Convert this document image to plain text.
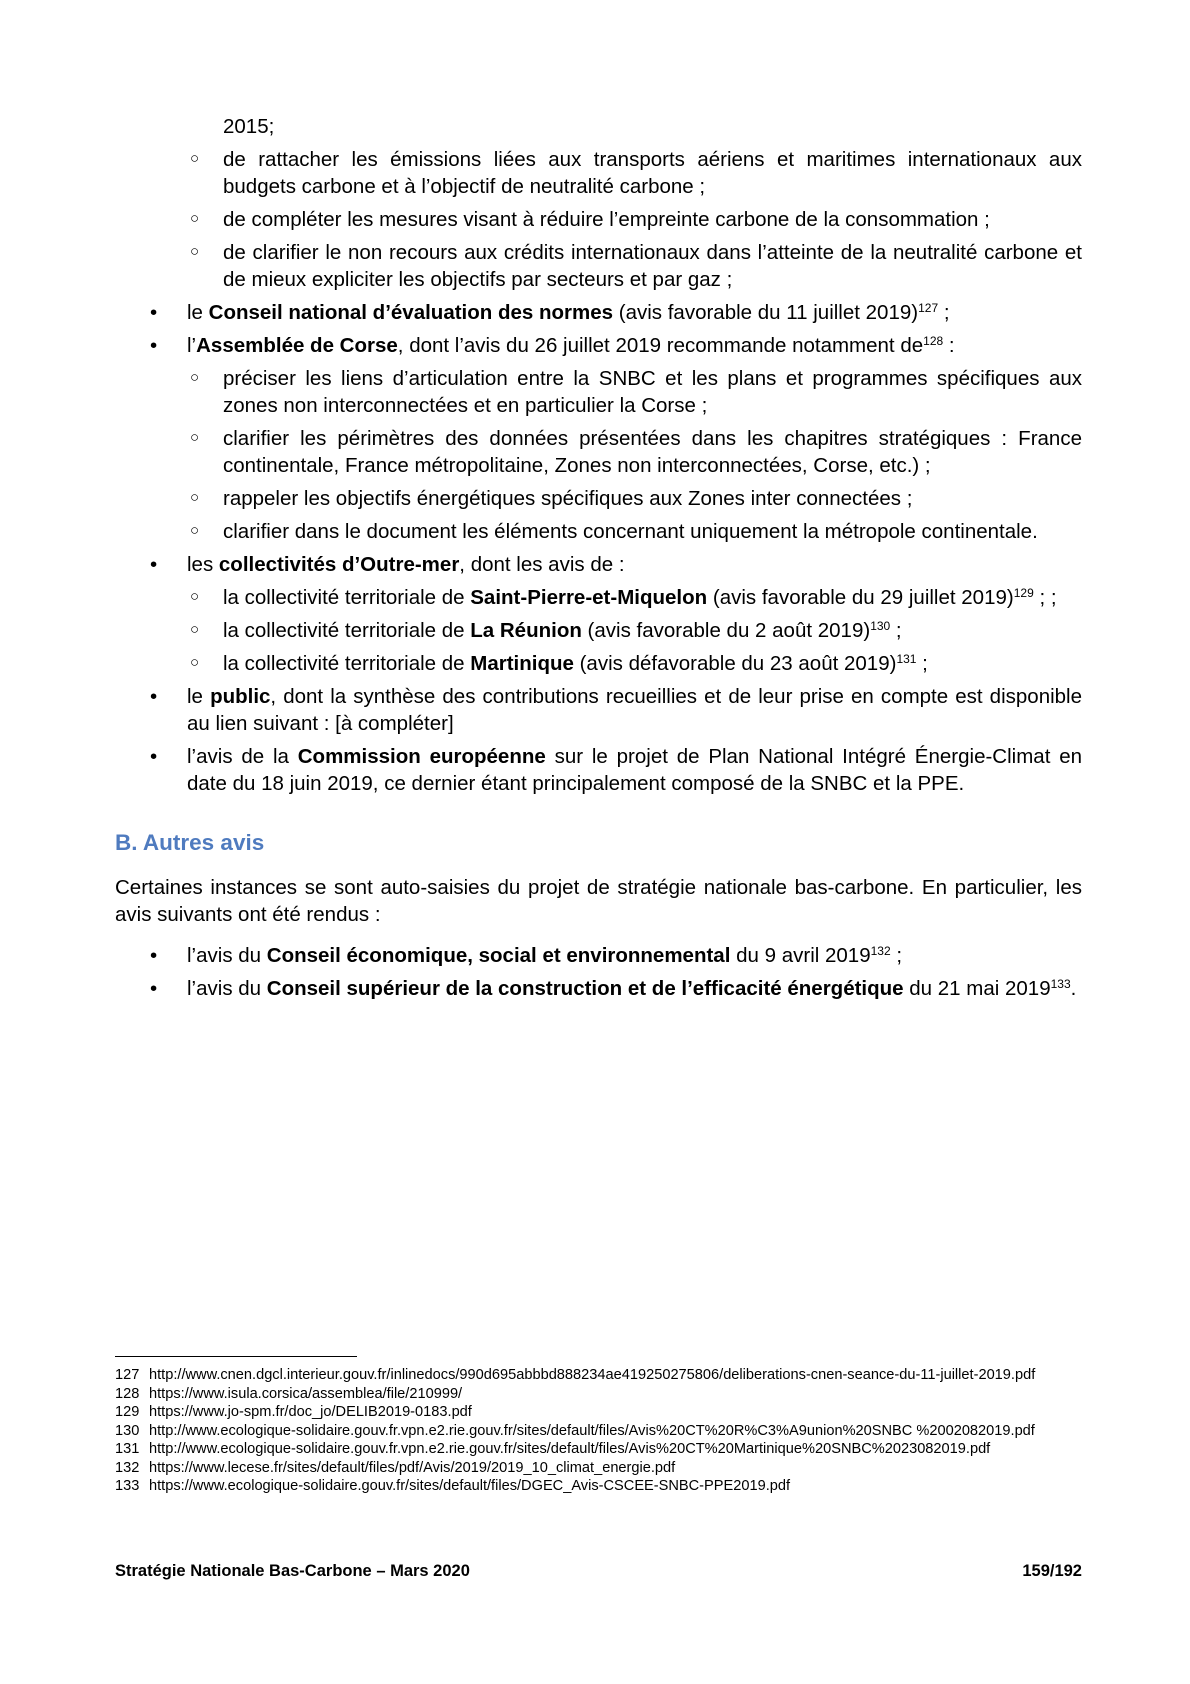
2015;
○ de rattacher les émissions liées aux transports aériens et maritimes internationaux aux budgets carbone et à l’objectif de neutralité carbone ;
○ de compléter les mesures visant à réduire l’empreinte carbone de la consommation ;
○ de clarifier le non recours aux crédits internationaux dans l’atteinte de la neutralité carbone et de mieux expliciter les objectifs par secteurs et par gaz ;
• le Conseil national d’évaluation des normes (avis favorable du 11 juillet 2019)$^{127}$ ;
• l’Assemblée de Corse, dont l’avis du 26 juillet 2019 recommande notamment $de^{128}$ :
○ préciser les liens d’articulation entre la SNBC et les plans et programmes spécifiques aux zones non interconnectées et en particulier la Corse ;
○ clarifier les périmètres des données présentées dans les chapitres stratégiques : France continentale, France métropolitaine, Zones non interconnectées, Corse, etc.) ;
○ rappeler les objectifs énergétiques spécifiques aux Zones inter connectées ;
○ clarifier dans le document les éléments concernant uniquement la métropole continentale.
• les collectivités d’Outre-mer, dont les avis de :
○ la collectivité territoriale de Saint-Pierre-et-Miquelon (avis favorable du 29 juillet 2019)$^{129}$ ; ;
○ la collectivité territoriale de La Réunion (avis favorable du 2 août 2019)$^{130}$ ;
○ la collectivité territoriale de Martinique (avis défavorable du 23 août 2019)$^{131}$ ;
• le public, dont la synthèse des contributions recueillies et de leur prise en compte est disponible au lien suivant : [à compléter]
• l’avis de la Commission européenne sur le projet de Plan National Intégré Énergie-Climat en date du 18 juin 2019, ce dernier étant principalement composé de la SNBC et la PPE.
B. Autres avis
Certaines instances se sont auto-saisies du projet de stratégie nationale bas-carbone. En particulier, les avis suivants ont été rendus :
• l’avis du Conseil économique, social et environnemental du 9 avril 2019$^{132}$ ;
• l’avis du Conseil supérieur de la construction et de l’efficacité énergétique du 21 mai 2019$^{133}$.
127 http://www.cnen.dgcl.interieur.gouv.fr/inlinedocs/990d695abbbd888234ae419250275806/deliberations-cnen-seance-du-11-juillet-2019.pdf
128 https://www.isula.corsica/assemblea/file/210999/
129 https://www.jo-spm.fr/doc_jo/DELIB2019-0183.pdf
130 http://www.ecologique-solidaire.gouv.fr.vpn.e2.rie.gouv.fr/sites/default/files/Avis%20CT%20R%C3%A9union%20SNBC %2002082019.pdf
131 http://www.ecologique-solidaire.gouv.fr.vpn.e2.rie.gouv.fr/sites/default/files/Avis%20CT%20Martinique%20SNBC%2023082019.pdf
132 https://www.lecese.fr/sites/default/files/pdf/Avis/2019/2019_10_climat_energie.pdf
133 https://www.ecologique-solidaire.gouv.fr/sites/default/files/DGEC_Avis-CSCEE-SNBC-PPE2019.pdf
Stratégie Nationale Bas-Carbone – Mars 2020	159/192
